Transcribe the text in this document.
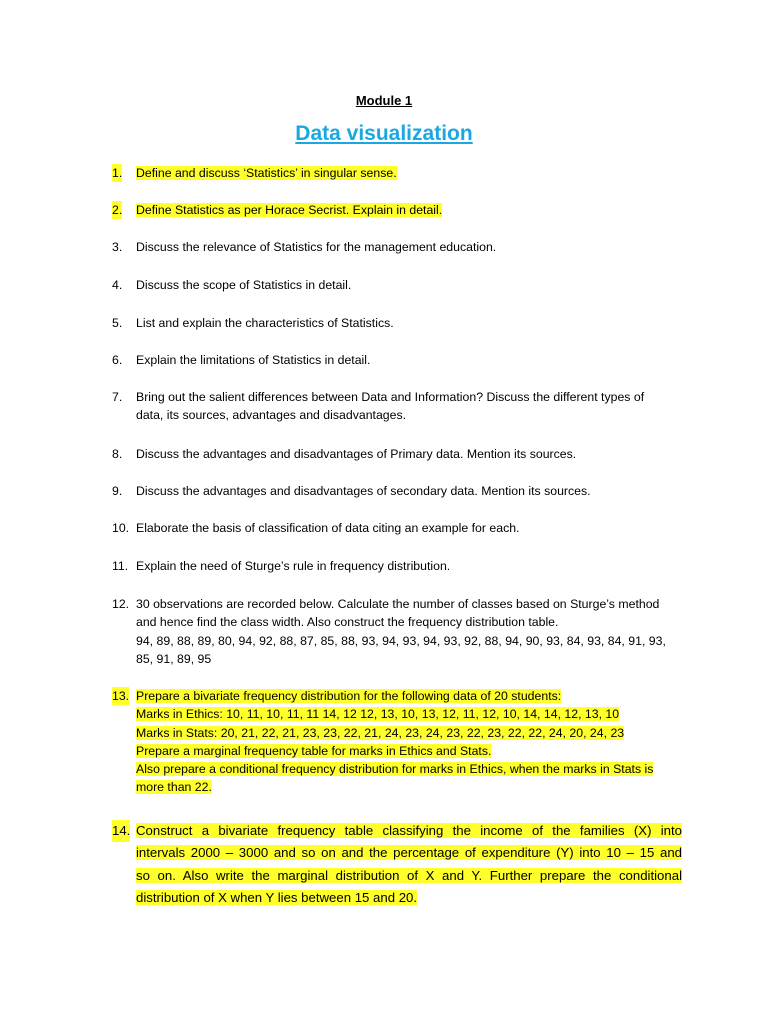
Module 1
Data visualization
1. Define and discuss ‘Statistics’ in singular sense.
2. Define Statistics as per Horace Secrist. Explain in detail.
3. Discuss the relevance of Statistics for the management education.
4. Discuss the scope of Statistics in detail.
5. List and explain the characteristics of Statistics.
6. Explain the limitations of Statistics in detail.
7. Bring out the salient differences between Data and Information? Discuss the different types of
data, its sources, advantages and disadvantages.
8. Discuss the advantages and disadvantages of Primary data. Mention its sources.
9. Discuss the advantages and disadvantages of secondary data. Mention its sources.
10. Elaborate the basis of classification of data citing an example for each.
11. Explain the need of Sturge’s rule in frequency distribution.
12. 30 observations are recorded below. Calculate the number of classes based on Sturge’s method
and hence find the class width. Also construct the frequency distribution table.
94, 89, 88, 89, 80, 94, 92, 88, 87, 85, 88, 93, 94, 93, 94, 93, 92, 88, 94, 90, 93, 84, 93, 84, 91, 93,
85, 91, 89, 95
13. Prepare a bivariate frequency distribution for the following data of 20 students:
Marks in Ethics: 10, 11, 10, 11, 11 14, 12 12, 13, 10, 13, 12, 11, 12, 10, 14, 14, 12, 13, 10
Marks in Stats: 20, 21, 22, 21, 23, 23, 22, 21, 24, 23, 24, 23, 22, 23, 22, 22, 24, 20, 24, 23
Prepare a marginal frequency table for marks in Ethics and Stats.
Also prepare a conditional frequency distribution for marks in Ethics, when the marks in Stats is
more than 22.
14. Construct a bivariate frequency table classifying the income of the families (X) into
intervals 2000 – 3000 and so on and the percentage of expenditure (Y) into 10 – 15 and
so on. Also write the marginal distribution of X and Y. Further prepare the conditional
distribution of X when Y lies between 15 and 20.
